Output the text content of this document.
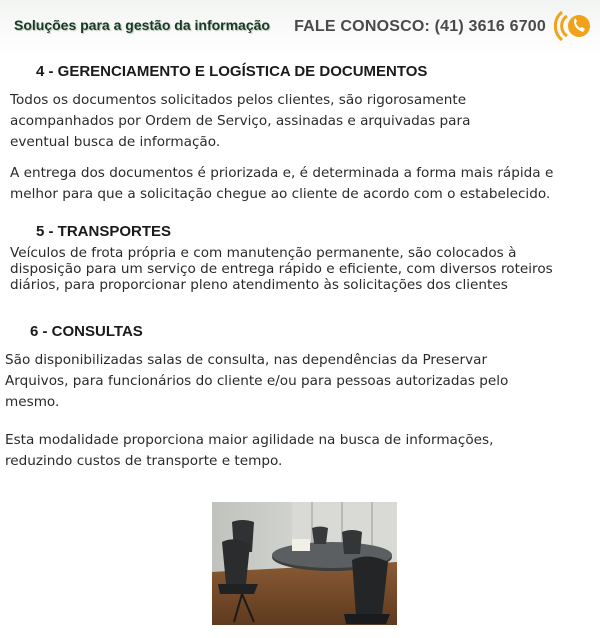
Soluções para a gestão da informação FALE CONOSCO: (41) 3616 6700
4 - GERENCIAMENTO E LOGÍSTICA DE DOCUMENTOS

Todos os documentos solicitados pelos clientes, são rigorosamente acompanhados por Ordem de Serviço, assinadas e arquivadas para eventual busca de informação.

A entrega dos documentos é priorizada e, é determinada a forma mais rápida e melhor para que a solicitação chegue ao cliente de acordo com o estabelecido.

5 - TRANSPORTES

Veículos de frota própria e com manutenção permanente, são colocados à disposição para um serviço de entrega rápido e eficiente, com diversos roteiros diários, para proporcionar pleno atendimento às solicitações dos clientes

6 - CONSULTAS

São disponibilizadas salas de consulta, nas dependências da Preservar Arquivos, para funcionários do cliente e/ou para pessoas autorizadas pelo mesmo.

Esta modalidade proporciona maior agilidade na busca de informações, reduzindo custos de transporte e tempo.
